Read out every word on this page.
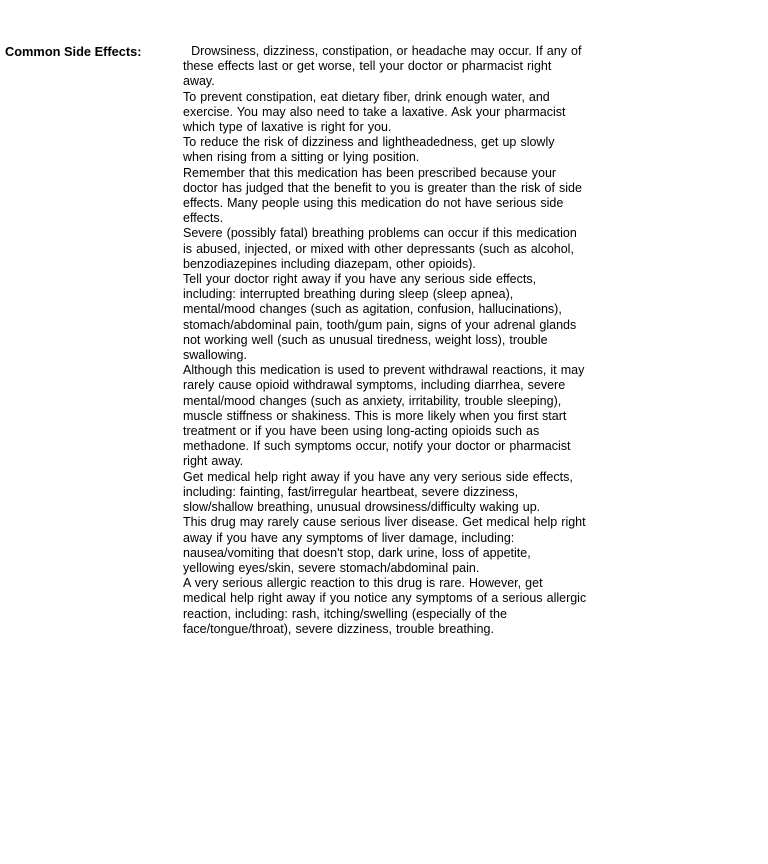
Common Side Effects:	Drowsiness, dizziness, constipation, or headache may occur. If any of
these effects last or get worse, tell your doctor or pharmacist right
away.
To prevent constipation, eat dietary fiber, drink enough water, and
exercise. You may also need to take a laxative. Ask your pharmacist
which type of laxative is right for you.
To reduce the risk of dizziness and lightheadedness, get up slowly
when rising from a sitting or lying position.
Remember that this medication has been prescribed because your
doctor has judged that the benefit to you is greater than the risk of side
effects. Many people using this medication do not have serious side
effects.
Severe (possibly fatal) breathing problems can occur if this medication
is abused, injected, or mixed with other depressants (such as alcohol,
benzodiazepines including diazepam, other opioids).
Tell your doctor right away if you have any serious side effects,
including: interrupted breathing during sleep (sleep apnea),
mental/mood changes (such as agitation, confusion, hallucinations),
stomach/abdominal pain, tooth/gum pain, signs of your adrenal glands
not working well (such as unusual tiredness, weight loss), trouble
swallowing.
Although this medication is used to prevent withdrawal reactions, it may
rarely cause opioid withdrawal symptoms, including diarrhea, severe
mental/mood changes (such as anxiety, irritability, trouble sleeping),
muscle stiffness or shakiness. This is more likely when you first start
treatment or if you have been using long-acting opioids such as
methadone. If such symptoms occur, notify your doctor or pharmacist
right away.
Get medical help right away if you have any very serious side effects,
including: fainting, fast/irregular heartbeat, severe dizziness,
slow/shallow breathing, unusual drowsiness/difficulty waking up.
This drug may rarely cause serious liver disease. Get medical help right
away if you have any symptoms of liver damage, including:
nausea/vomiting that doesn't stop, dark urine, loss of appetite,
yellowing eyes/skin, severe stomach/abdominal pain.
A very serious allergic reaction to this drug is rare. However, get
medical help right away if you notice any symptoms of a serious allergic
reaction, including: rash, itching/swelling (especially of the
face/tongue/throat), severe dizziness, trouble breathing.
